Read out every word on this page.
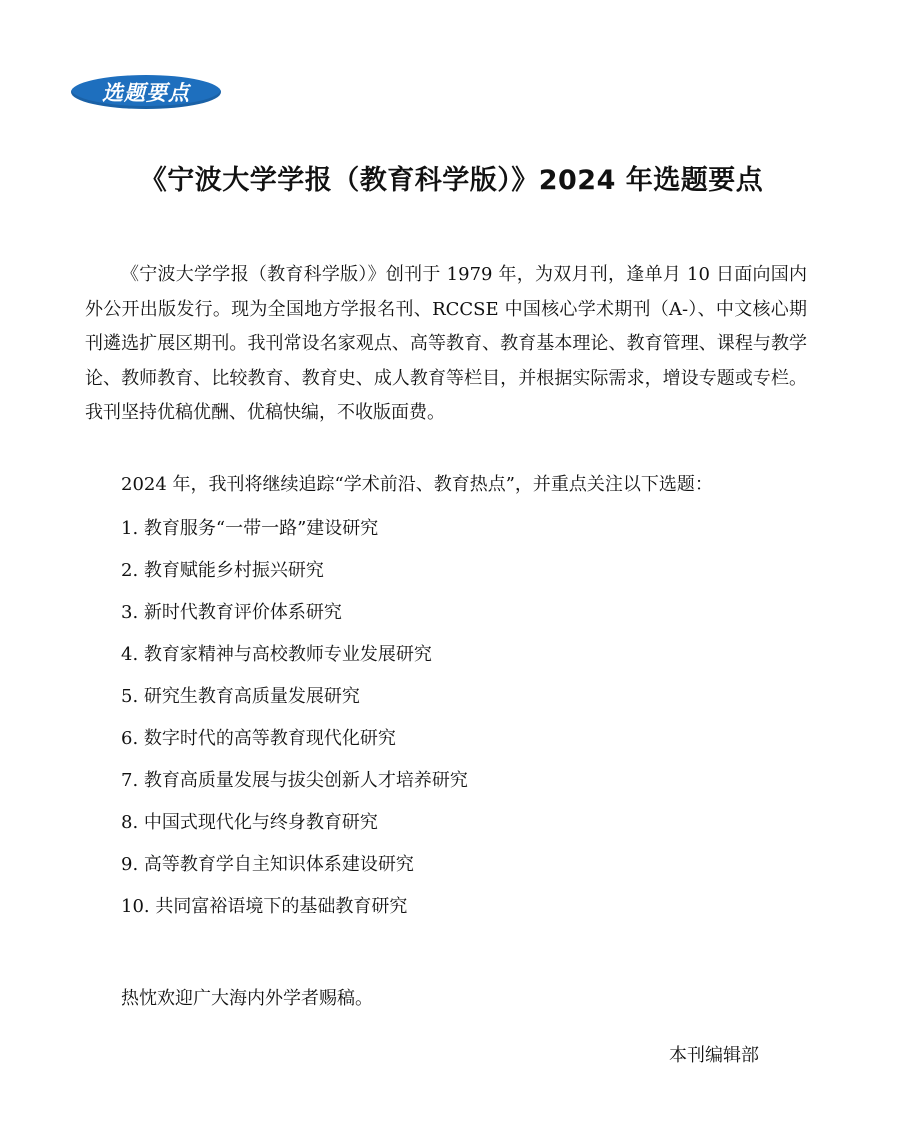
选题要点
《宁波大学学报（教育科学版）》2024 年选题要点

《宁波大学学报（教育科学版）》创刊于 1979 年，为双月刊，逢单月 10 日面向国内外公开出版发行。现为全国地方学报名刊、RCCSE 中国核心学术期刊（A-）、中文核心期刊遴选扩展区期刊。我刊常设名家观点、高等教育、教育基本理论、教育管理、课程与教学论、教师教育、比较教育、教育史、成人教育等栏目，并根据实际需求，增设专题或专栏。我刊坚持优稿优酬、优稿快编，不收版面费。

2024 年，我刊将继续追踪“学术前沿、教育热点”，并重点关注以下选题：

1. 教育服务“一带一路”建设研究

2. 教育赋能乡村振兴研究

3. 新时代教育评价体系研究

4. 教育家精神与高校教师专业发展研究

5. 研究生教育高质量发展研究

6. 数字时代的高等教育现代化研究

7. 教育高质量发展与拔尖创新人才培养研究

8. 中国式现代化与终身教育研究

9. 高等教育学自主知识体系建设研究

10. 共同富裕语境下的基础教育研究

热忱欢迎广大海内外学者赐稿。

本刊编辑部
